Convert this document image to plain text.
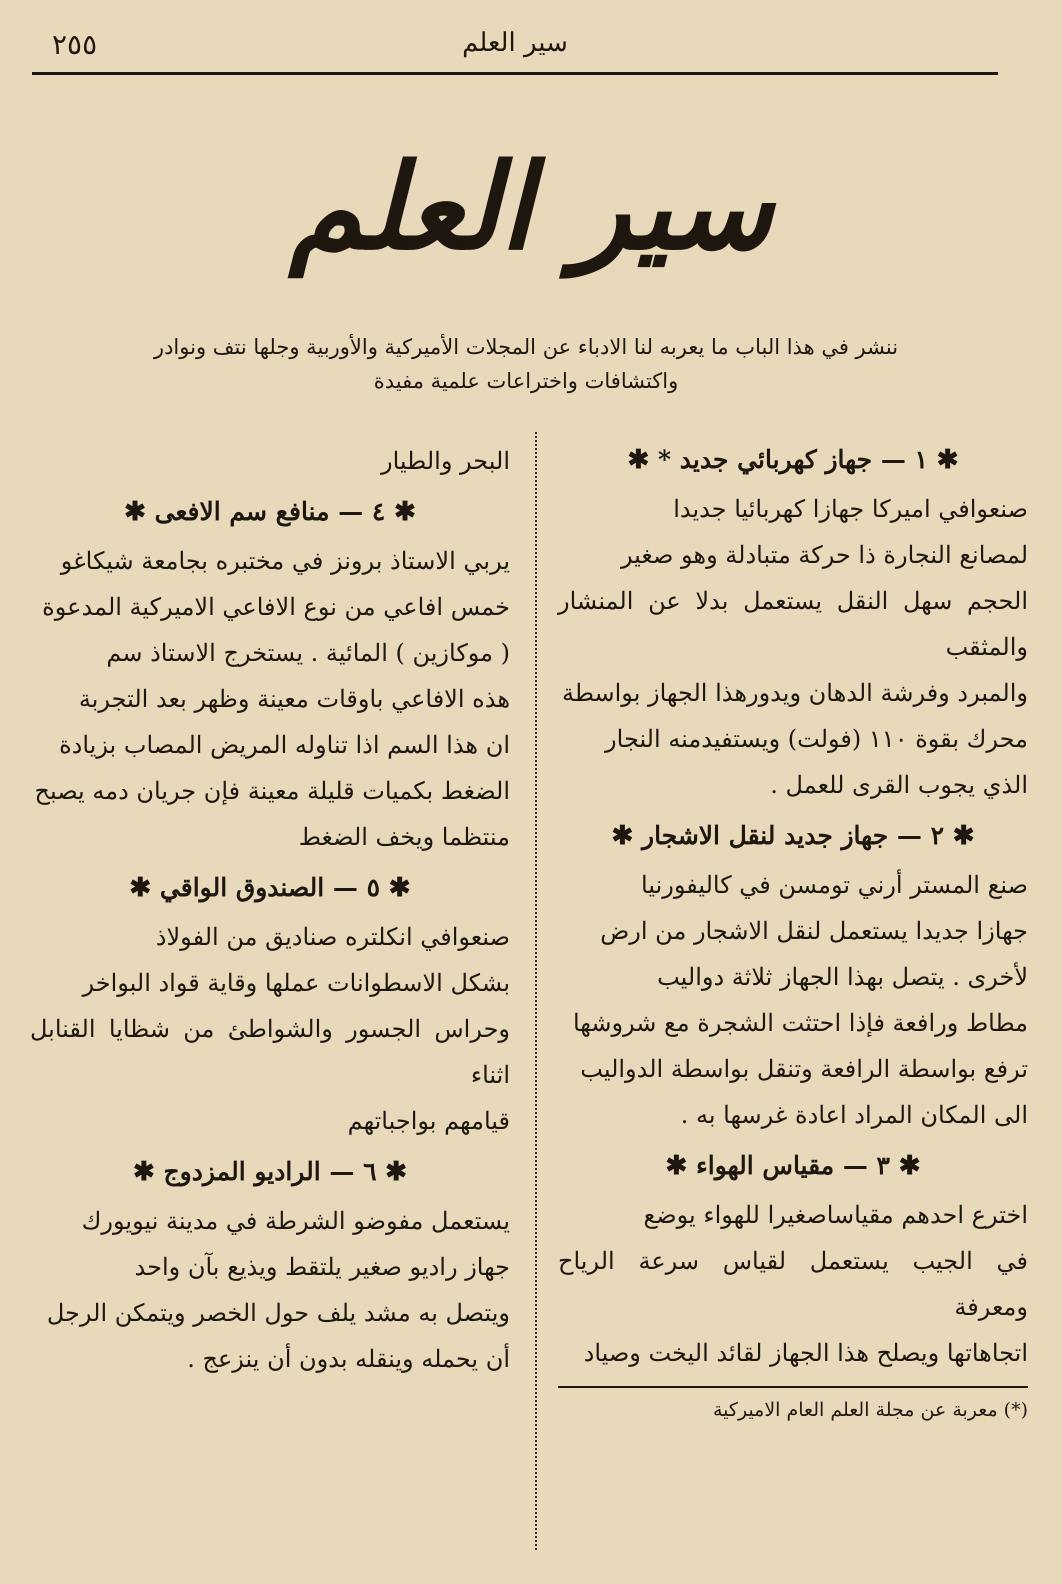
سير العلم
٢٥٥
سير العلم
ننشر في هذا الباب ما يعربه لنا الادباء عن المجلات الأميركية والأوربية وجلها نتف ونوادر
واكتشافات واختراعات علمية مفيدة
✱ ١ — جهاز كهربائي جديد * ✱

صنعوافي اميركا جهازا كهربائيا جديدا

لمصانع النجارة ذا حركة متبادلة وهو صغير

الحجم سهل النقل يستعمل بدلا عن المنشار والمثقب

والمبرد وفرشة الدهان ويدورهذا الجهاز بواسطة

محرك بقوة ١١٠ (فولت) ويستفيدمنه النجار

الذي يجوب القرى للعمل .

✱ ٢ — جهاز جديد لنقل الاشجار ✱

صنع المستر أرني تومسن في كاليفورنيا

جهازا جديدا يستعمل لنقل الاشجار من ارض

لأخرى . يتصل بهذا الجهاز ثلاثة دواليب

مطاط ورافعة فإذا احتثت الشجرة مع شروشها

ترفع بواسطة الرافعة وتنقل بواسطة الدواليب

الى المكان المراد اعادة غرسها به .

✱ ٣ — مقياس الهواء ✱

اخترع احدهم مقياساصغيرا للهواء يوضع

في الجيب يستعمل لقياس سرعة الرياح ومعرفة

اتجاهاتها ويصلح هذا الجهاز لقائد اليخت وصياد

(*) معربة عن مجلة العلم العام الاميركية

البحر والطيار

✱ ٤ — منافع سم الافعى ✱

يربي الاستاذ برونز في مختبره بجامعة شيكاغو

خمس افاعي من نوع الافاعي الاميركية المدعوة

( موكازين ) المائية . يستخرج الاستاذ سم

هذه الافاعي باوقات معينة وظهر بعد التجربة

ان هذا السم اذا تناوله المريض المصاب بزيادة

الضغط بكميات قليلة معينة فإن جريان دمه يصبح

منتظما ويخف الضغط

✱ ٥ — الصندوق الواقي ✱

صنعوافي انكلتره صناديق من الفولاذ

بشكل الاسطوانات عملها وقاية قواد البواخر

وحراس الجسور والشواطئ من شظايا القنابل اثناء

قيامهم بواجباتهم

✱ ٦ — الراديو المزدوج ✱

يستعمل مفوضو الشرطة في مدينة نيويورك

جهاز راديو صغير يلتقط ويذيع بآن واحد

ويتصل به مشد يلف حول الخصر ويتمكن الرجل

أن يحمله وينقله بدون أن ينزعج .
